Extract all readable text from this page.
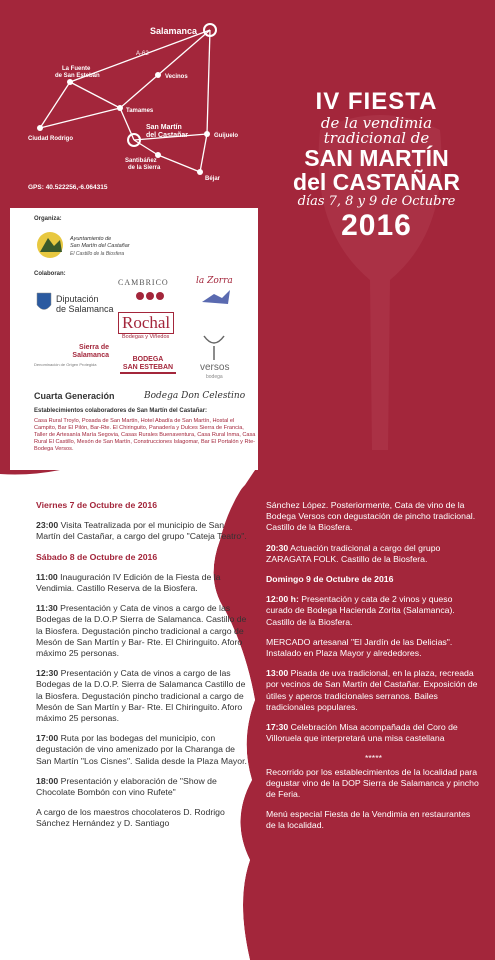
Salamanca
A-62
La Fuente
de San Esteban	Vecinos
Tamames
Ciudad Rodrigo
San Martín
del Castañar	Guijuelo
Santibáñez
de la Sierra
Béjar
GPS: 40.522256,-6.064315
IV FIESTA
de la vendimia
tradicional de
SAN MARTÍN
del CASTAÑAR
días 7, 8 y 9 de Octubre
2016
Organiza:
Ayuntamiento de
San Martín del Castañar
El Castillo de la Biosfera
Colaboran:
Diputación
de Salamanca
CAMBRICO	la Zorra
Rochal
Bodegas y Viñedos
Sierra de
Salamanca
Denominación de Origen Protegida
BODEGA
SAN ESTEBAN	versos
bodega
Cuarta Generación	Bodega Don Celestino
Establecimientos colaboradores de San Martín del Castañar:
Casa Rural Troylo, Posada de San Martín, Hotel Abadía de San Martín, Hostal el Campito, Bar El Pilón, Bar-Rte. El Chiringuito, Panadería y Dulces Sierra de Francia, Taller de Artesanía María Segovia, Casas Rurales Buenaventura, Casa Rural Inma, Casa Rural El Castillo, Mesón de San Martín, Construcciones Islagomar, Bar El Portalón y Rte-Bodega Versos.
Viernes 7 de Octubre de 2016
23:00 Visita Teatralizada por el municipio de San Martín del Castañar, a cargo del grupo "Cateja Teatro".
Sábado 8 de Octubre de 2016
11:00 Inauguración IV Edición de la Fiesta de la Vendimia. Castillo Reserva de la Biosfera.
11:30 Presentación y Cata de vinos a cargo de las Bodegas de la D.O.P Sierra de Salamanca. Castillo de la Biosfera. Degustación pincho tradicional a cargo de Mesón de San Martín y Bar- Rte. El Chiringuito. Aforo máximo 25 personas.
12:30 Presentación y Cata de vinos a cargo de las Bodegas de la D.O.P. Sierra de Salamanca Castillo de la Biosfera. Degustación pincho tradicional a cargo de Mesón de San Martín y Bar- Rte. El Chiringuito. Aforo máximo 25 personas.
17:00 Ruta por las bodegas del municipio, con degustación de vino amenizado por la Charanga de San Martín "Los Cisnes". Salida desde la Plaza Mayor.
18:00 Presentación y elaboración de "Show de Chocolate Bombón con vino Rufete"
A cargo de los maestros chocolateros D. Rodrigo Sánchez Hernández y D. Santiago
Sánchez López. Posteriormente, Cata de vino de la Bodega Versos con degustación de pincho tradicional. Castillo de la Biosfera.
20:30 Actuación tradicional a cargo del grupo ZARAGATA FOLK. Castillo de la Biosfera.
Domingo 9 de Octubre de 2016
12:00 h: Presentación y cata de 2 vinos y queso curado de Bodega Hacienda Zorita (Salamanca). Castillo de la Biosfera.
MERCADO artesanal "El Jardín de las Delicias". Instalado en Plaza Mayor y alrededores.
13:00 Pisada de uva tradicional, en la plaza, recreada por vecinos de San Martín del Castañar. Exposición de útiles y aperos tradicionales serranos. Bailes tradicionales populares.
17:30 Celebración Misa acompañada del Coro de Villoruela que interpretará una misa castellana
*****
Recorrido por los establecimientos de la localidad para degustar vino de la DOP Sierra de Salamanca y pincho de Feria.
Menú especial Fiesta de la Vendimia en restaurantes de la localidad.
